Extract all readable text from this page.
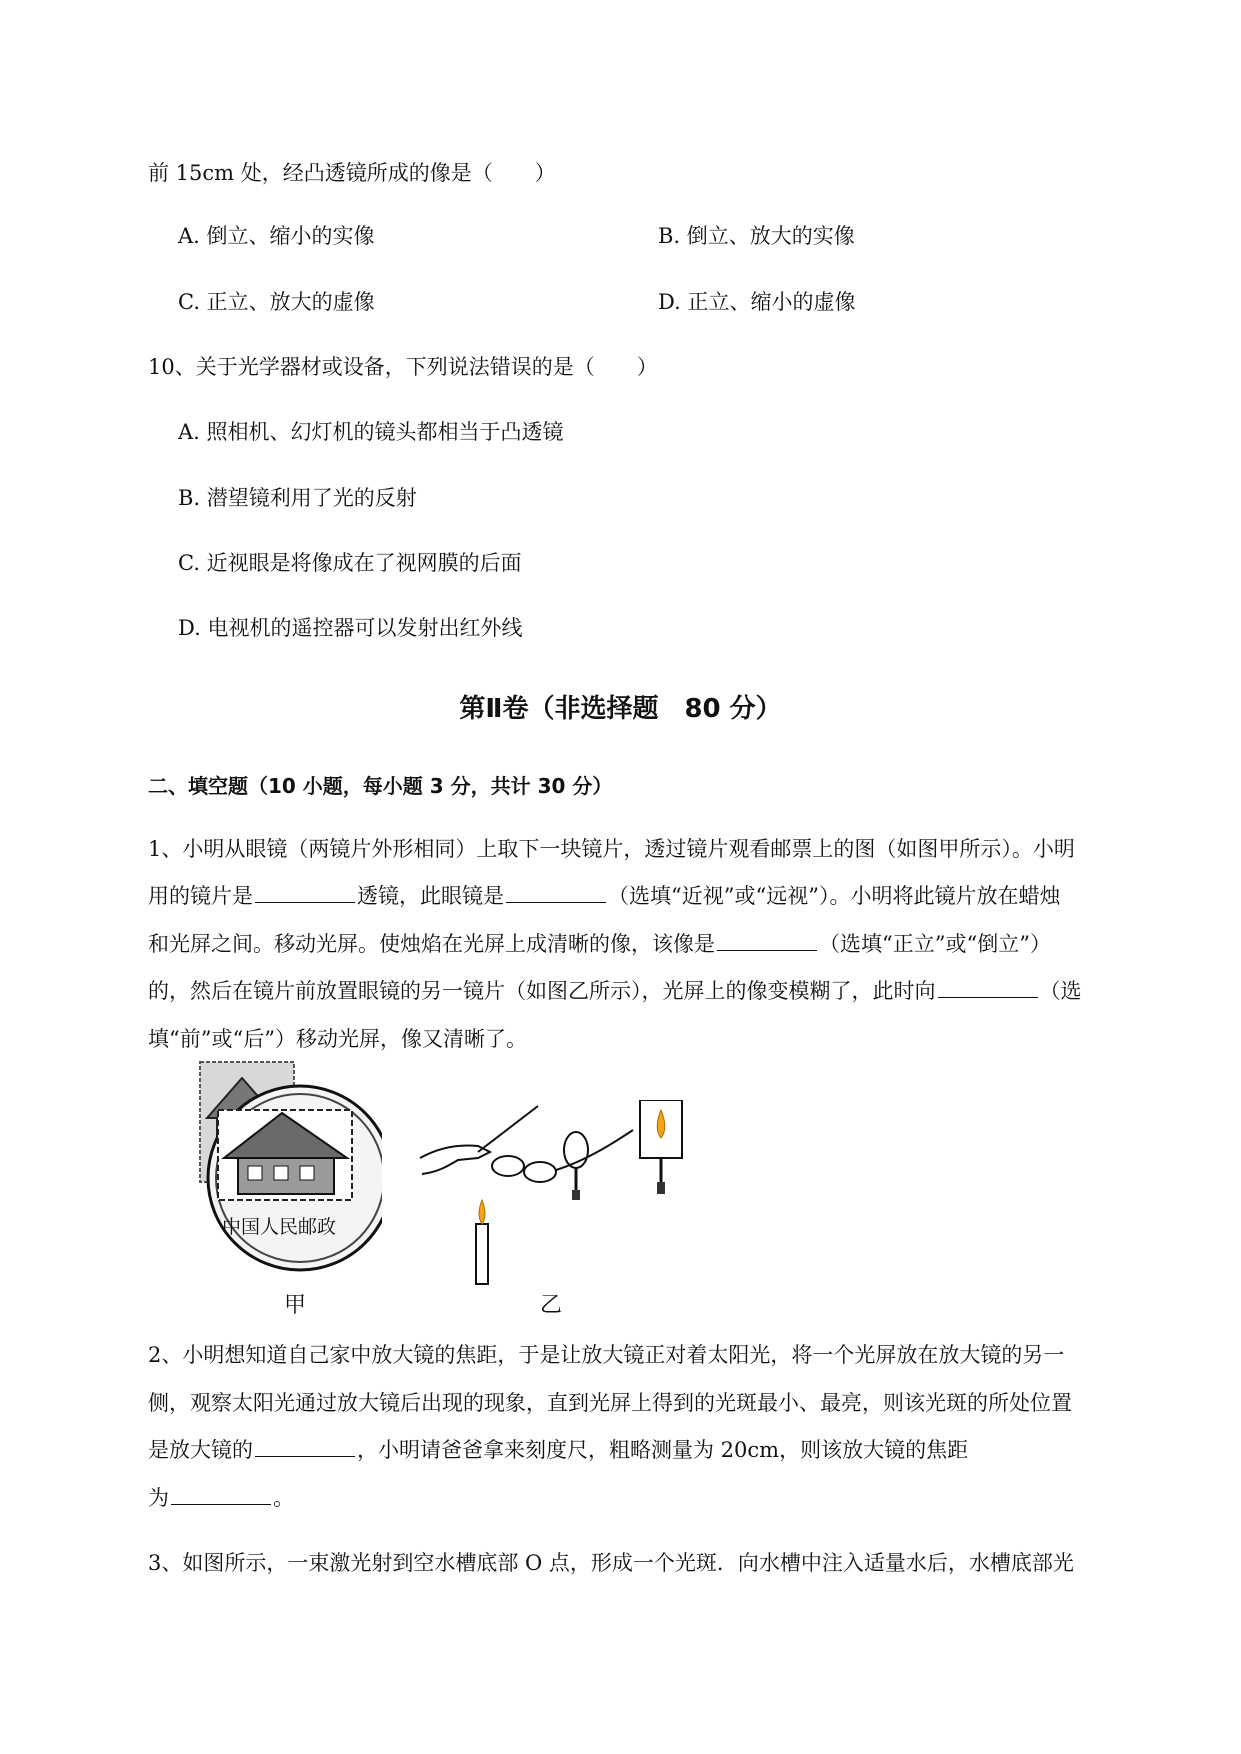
前 15cm 处，经凸透镜所成的像是（　　）
A. 倒立、缩小的实像	B. 倒立、放大的实像
C. 正立、放大的虚像	D. 正立、缩小的虚像
10、关于光学器材或设备，下列说法错误的是（　　）
A. 照相机、幻灯机的镜头都相当于凸透镜
B. 潜望镜利用了光的反射
C. 近视眼是将像成在了视网膜的后面
D. 电视机的遥控器可以发射出红外线
第Ⅱ卷（非选择题　80 分）
二、填空题（10 小题，每小题 3 分，共计 30 分）
1、小明从眼镜（两镜片外形相同）上取下一块镜片，透过镜片观看邮票上的图（如图甲所示）。小明
用的镜片是	透镜，此眼镜是	（选填“近视”或“远视”）。小明将此镜片放在蜡烛
和光屏之间。移动光屏。使烛焰在光屏上成清晰的像，该像是	（选填“正立”或“倒立”）
的，然后在镜片前放置眼镜的另一镜片（如图乙所示），光屏上的像变模糊了，此时向	（选
填“前”或“后”）移动光屏，像又清晰了。
中国人民邮政
甲	乙
2、小明想知道自己家中放大镜的焦距，于是让放大镜正对着太阳光，将一个光屏放在放大镜的另一
侧，观察太阳光通过放大镜后出现的现象，直到光屏上得到的光斑最小、最亮，则该光斑的所处位置
是放大镜的	，小明请爸爸拿来刻度尺，粗略测量为 20cm，则该放大镜的焦距
为	。
3、如图所示，一束激光射到空水槽底部 O 点，形成一个光斑．向水槽中注入适量水后，水槽底部光
